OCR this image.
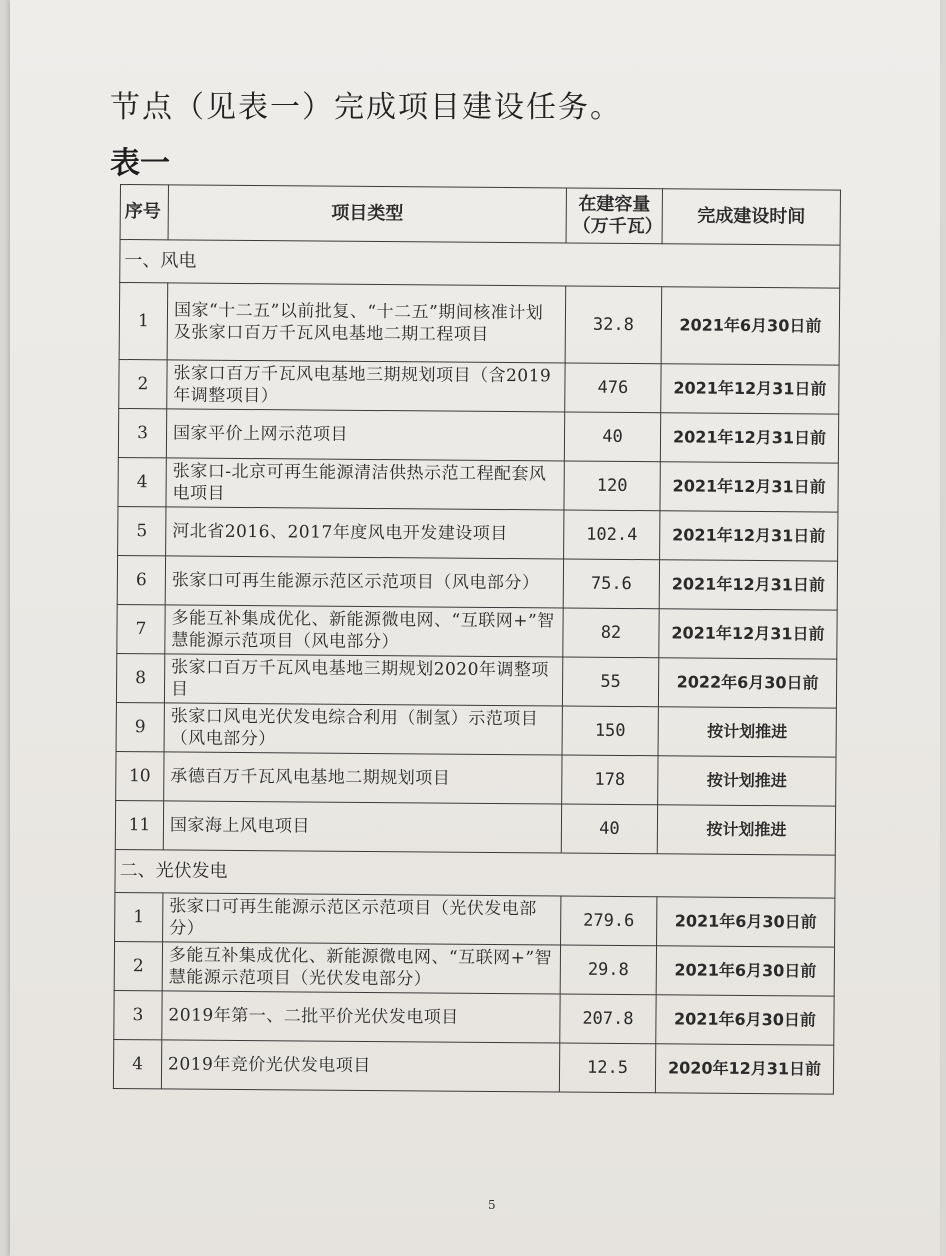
节点（见表一）完成项目建设任务。
表一
序号	项目类型	在建容量（万千瓦）	完成建设时间
一、风电			
1	国家“十二五”以前批复、“十二五”期间核准计划及张家口百万千瓦风电基地二期工程项目	32.8	2021年6月30日前
2	张家口百万千瓦风电基地三期规划项目（含2019年调整项目）	476	2021年12月31日前
3	国家平价上网示范项目	40	2021年12月31日前
4	张家口-北京可再生能源清洁供热示范工程配套风电项目	120	2021年12月31日前
5	河北省2016、2017年度风电开发建设项目	102.4	2021年12月31日前
6	张家口可再生能源示范区示范项目（风电部分）	75.6	2021年12月31日前
7	多能互补集成优化、新能源微电网、“互联网+”智慧能源示范项目（风电部分）	82	2021年12月31日前
8	张家口百万千瓦风电基地三期规划2020年调整项目	55	2022年6月30日前
9	张家口风电光伏发电综合利用（制氢）示范项目（风电部分）	150	按计划推进
10	承德百万千瓦风电基地二期规划项目	178	按计划推进
11	国家海上风电项目	40	按计划推进
二、光伏发电			
1	张家口可再生能源示范区示范项目（光伏发电部分）	279.6	2021年6月30日前
2	多能互补集成优化、新能源微电网、“互联网+”智慧能源示范项目（光伏发电部分）	29.8	2021年6月30日前
3	2019年第一、二批平价光伏发电项目	207.8	2021年6月30日前
4	2019年竞价光伏发电项目	12.5	2020年12月31日前
5
